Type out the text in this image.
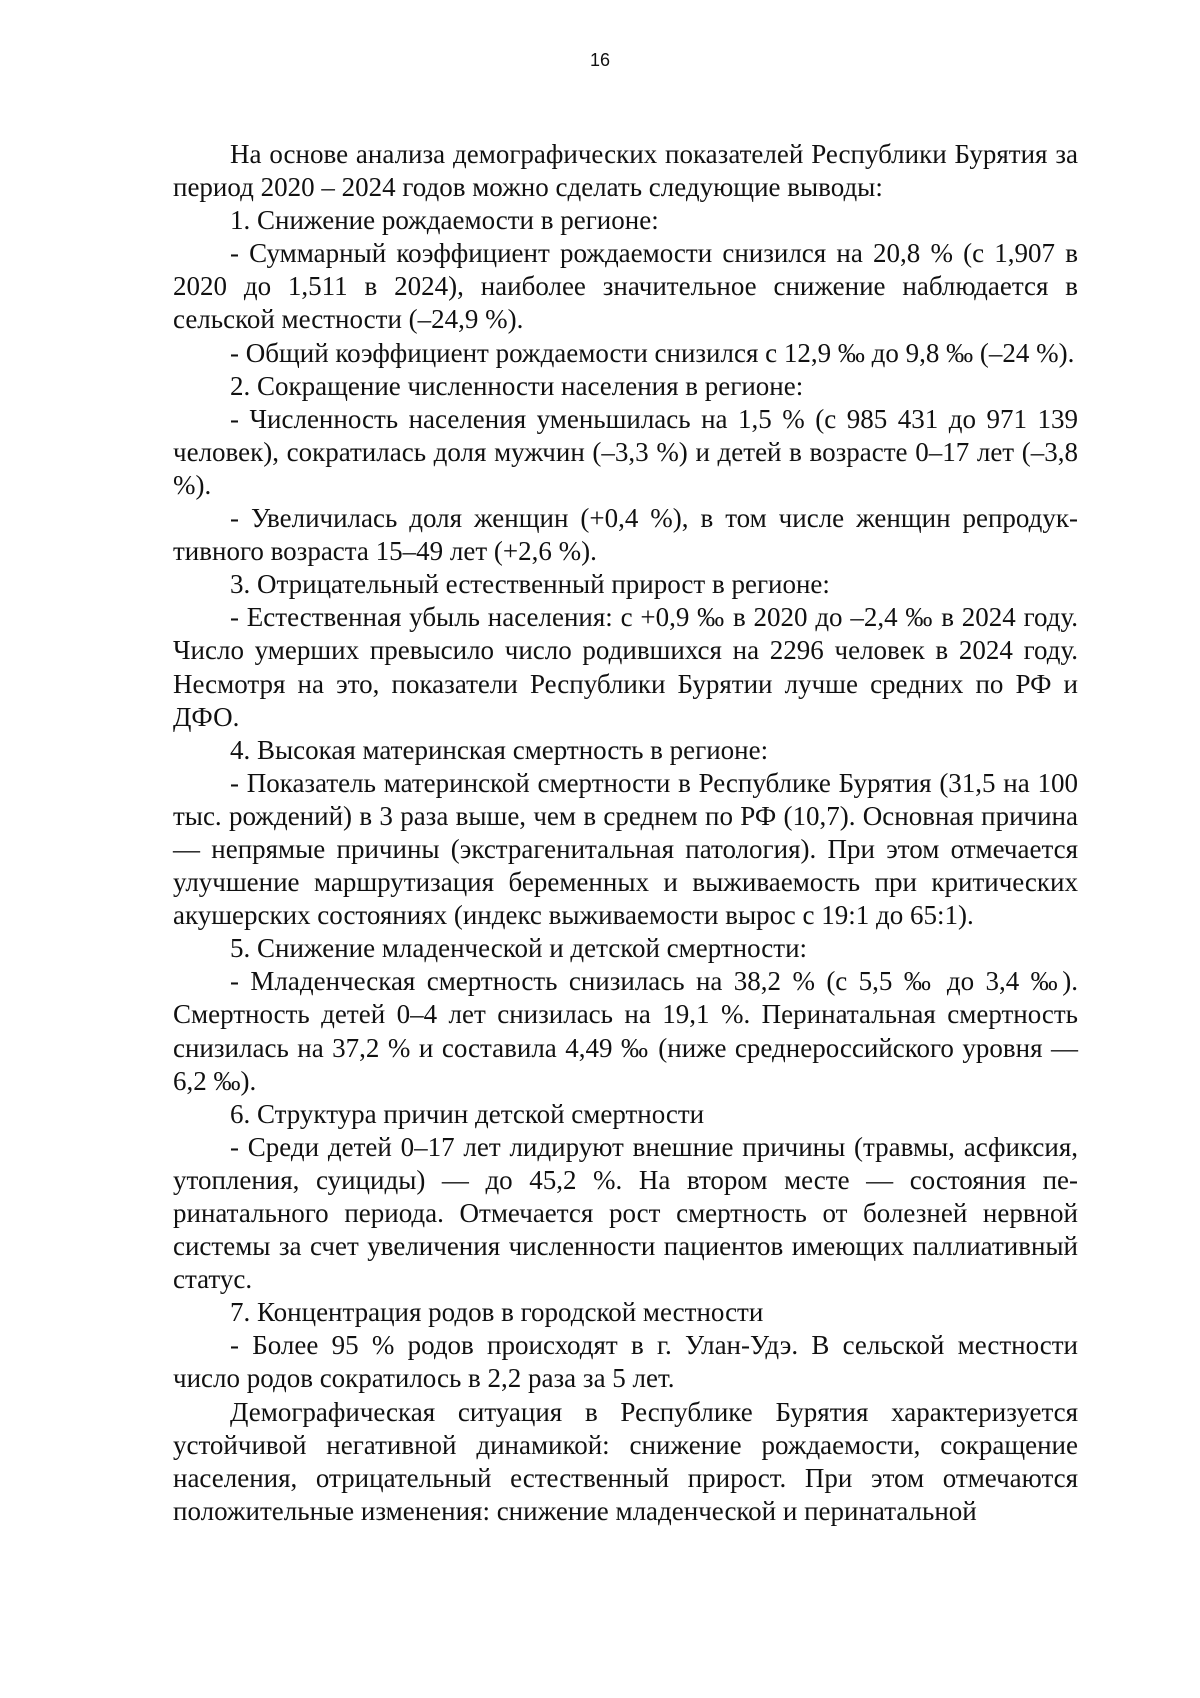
16

На основе анализа демографических показателей Республики Бурятия за период 2020 – 2024 годов можно сделать следующие выводы:

1. Снижение рождаемости в регионе:

- Суммарный коэффициент рождаемости снизился на 20,8 % (с 1,907 в 2020 до 1,511 в 2024), наиболее значительное снижение наблюдается в сельской местности (–24,9 %).

- Общий коэффициент рождаемости снизился с 12,9 ‰ до 9,8 ‰ (–24 %).

2. Сокращение численности населения в регионе:

- Численность населения уменьшилась на 1,5 % (с 985 431 до 971 139 человек), сократилась доля мужчин (–3,3 %) и детей в возрасте 0–17 лет (–3,8 %).

- Увеличилась доля женщин (+0,4 %), в том числе женщин репродуктивного возраста 15–49 лет (+2,6 %).

3. Отрицательный естественный прирост в регионе:

- Естественная убыль населения: с +0,9 ‰ в 2020 до –2,4 ‰ в 2024 году. Число умерших превысило число родившихся на 2296 человек в 2024 году. Несмотря на это, показатели Республики Бурятии лучше средних по РФ и ДФО.

4. Высокая материнская смертность в регионе:

- Показатель материнской смертности в Республике Бурятия (31,5 на 100 тыс. рождений) в 3 раза выше, чем в среднем по РФ (10,7). Основная причина — непрямые причины (экстрагенитальная патология). При этом отмечается улучшение маршрутизация беременных и выживаемость при критических акушерских состояниях (индекс выживаемости вырос с 19:1 до 65:1).

5. Снижение младенческой и детской смертности:

- Младенческая смертность снизилась на 38,2 % (с 5,5 ‰ до 3,4 ‰). Смертность детей 0–4 лет снизилась на 19,1 %. Перинатальная смертность снизилась на 37,2 % и составила 4,49 ‰ (ниже среднероссийского уровня — 6,2 ‰).

6. Структура причин детской смертности

- Среди детей 0–17 лет лидируют внешние причины (травмы, асфиксия, утопления, суициды) — до 45,2 %. На втором месте — состояния перинатального периода. Отмечается рост смертность от болезней нервной системы за счет увеличения численности пациентов имеющих паллиативный статус.

7. Концентрация родов в городской местности

- Более 95 % родов происходят в г. Улан-Удэ. В сельской местности число родов сократилось в 2,2 раза за 5 лет.

Демографическая ситуация в Республике Бурятия характеризуется устойчивой негативной динамикой: снижение рождаемости, сокращение населения, отрицательный естественный прирост. При этом отмечаются положительные изменения: снижение младенческой и перинатальной
